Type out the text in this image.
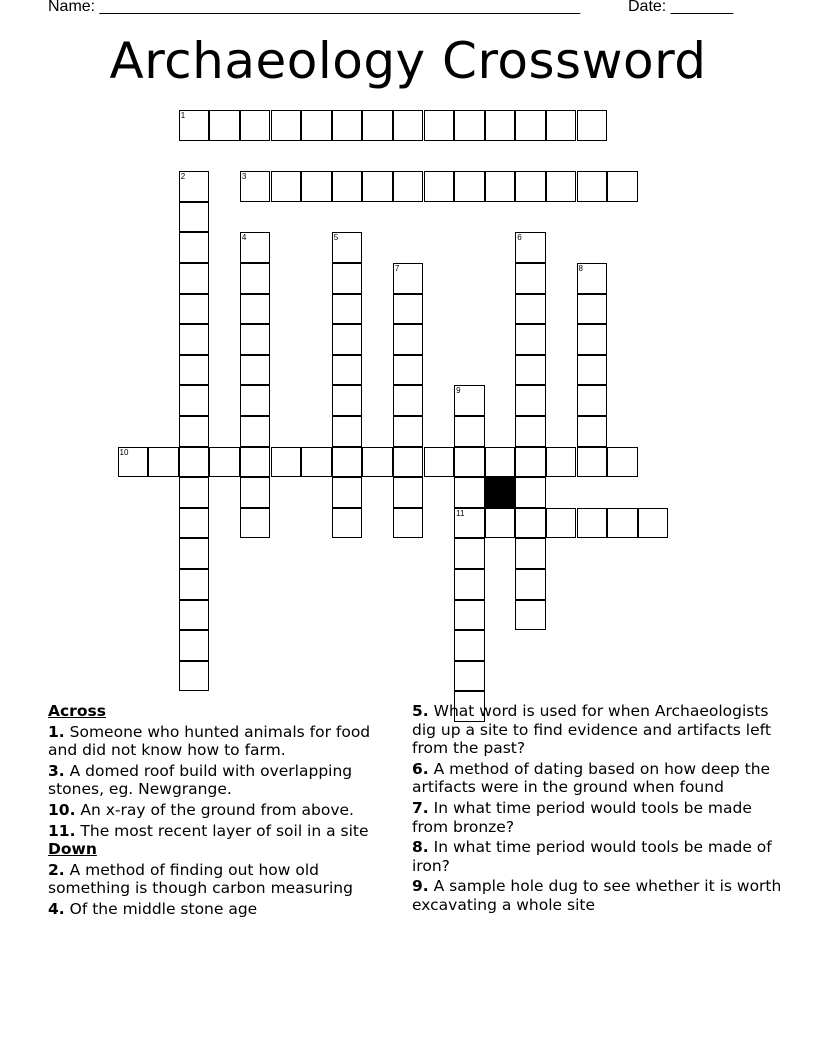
Name: ______________________________________________________	Date: _______
Archaeology Crossword
1
3
10
11
2
4	5	6
7	8
9
Across
1. Someone who hunted animals for food and did not know how to farm.
3. A domed roof build with overlapping stones, eg. Newgrange.
10. An x-ray of the ground from above.
11. The most recent layer of soil in a site
Down
2. A method of finding out how old something is though carbon measuring
4. Of the middle stone age
5. What word is used for when Archaeologists dig up a site to find evidence and artifacts left from the past?
6. A method of dating based on how deep the artifacts were in the ground when found
7. In what time period would tools be made from bronze?
8. In what time period would tools be made of iron?
9. A sample hole dug to see whether it is worth excavating a whole site
